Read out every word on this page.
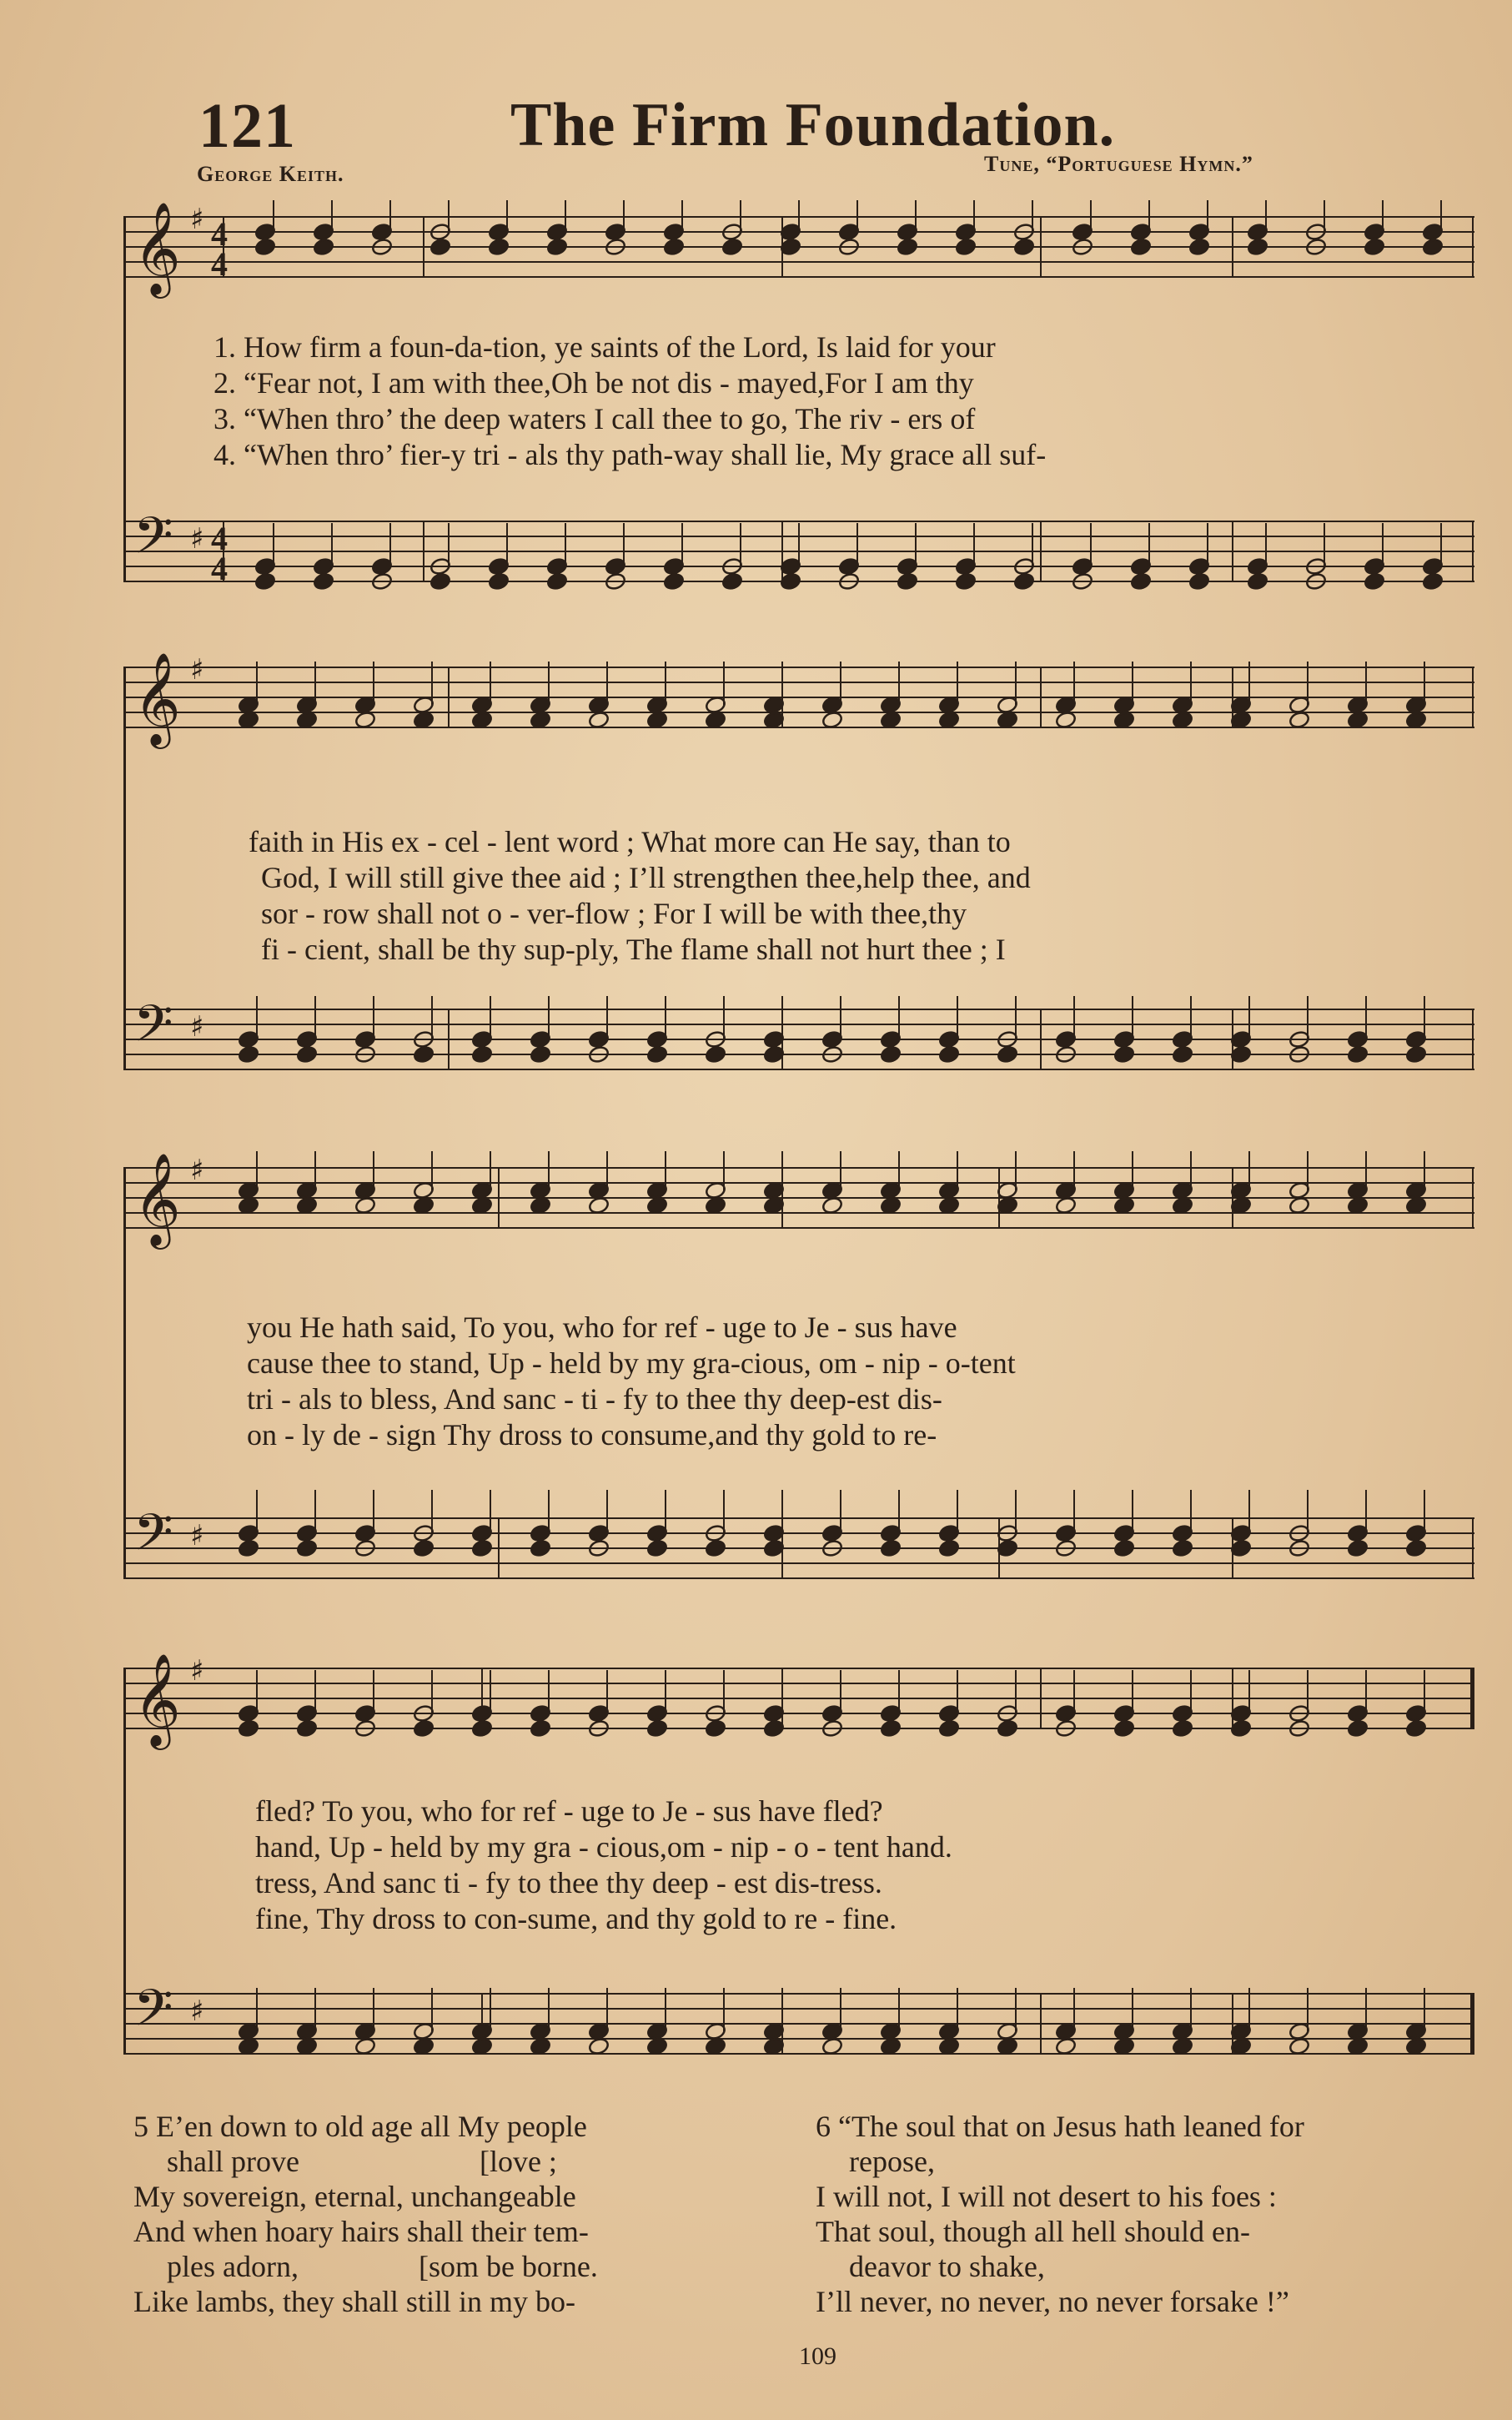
121	The Firm Foundation.
George Keith.	Tune, “Portuguese Hymn.”
𝄞 ♯ 4
4
𝄢 ♯ 4
4
1. How firm a foun-da-tion, ye saints of the Lord, Is laid for your
2. “Fear not, I am with thee,Oh be not dis - mayed,For I am thy
3. “When thro’ the deep waters I call thee to go, The riv - ers of
4. “When thro’ fier-y tri - als thy path-way shall lie, My grace all suf-
𝄞 ♯
𝄢 ♯
faith in His ex - cel - lent word ; What more can He say, than to
God, I will still give thee aid ; I’ll strengthen thee,help thee, and
sor - row shall not o - ver-flow ; For I will be with thee,thy
fi - cient, shall be thy sup-ply, The flame shall not hurt thee ; I
𝄞 ♯
𝄢 ♯
you He hath said, To you, who for ref - uge to Je - sus have
cause thee to stand, Up - held by my gra-cious, om - nip - o-tent
tri - als to bless, And sanc - ti - fy to thee thy deep-est dis-
on - ly de - sign Thy dross to consume,and thy gold to re-
𝄞 ♯
𝄢 ♯
fled? To you, who for ref - uge to Je - sus have fled?
hand, Up - held by my gra - cious,om - nip - o - tent hand.
tress, And sanc ti - fy to thee thy deep - est dis-tress.
fine, Thy dross to con-sume, and thy gold to re - fine.
5 E’en down to old age all My people
shall prove                        [love ;
My sovereign, eternal, unchangeable
And when hoary hairs shall their tem-
ples adorn,                [som be borne.
Like lambs, they shall still in my bo-
6 “The soul that on Jesus hath leaned for
repose,
I will not, I will not desert to his foes :
That soul, though all hell should en-
deavor to shake,
I’ll never, no never, no never forsake !”
109
